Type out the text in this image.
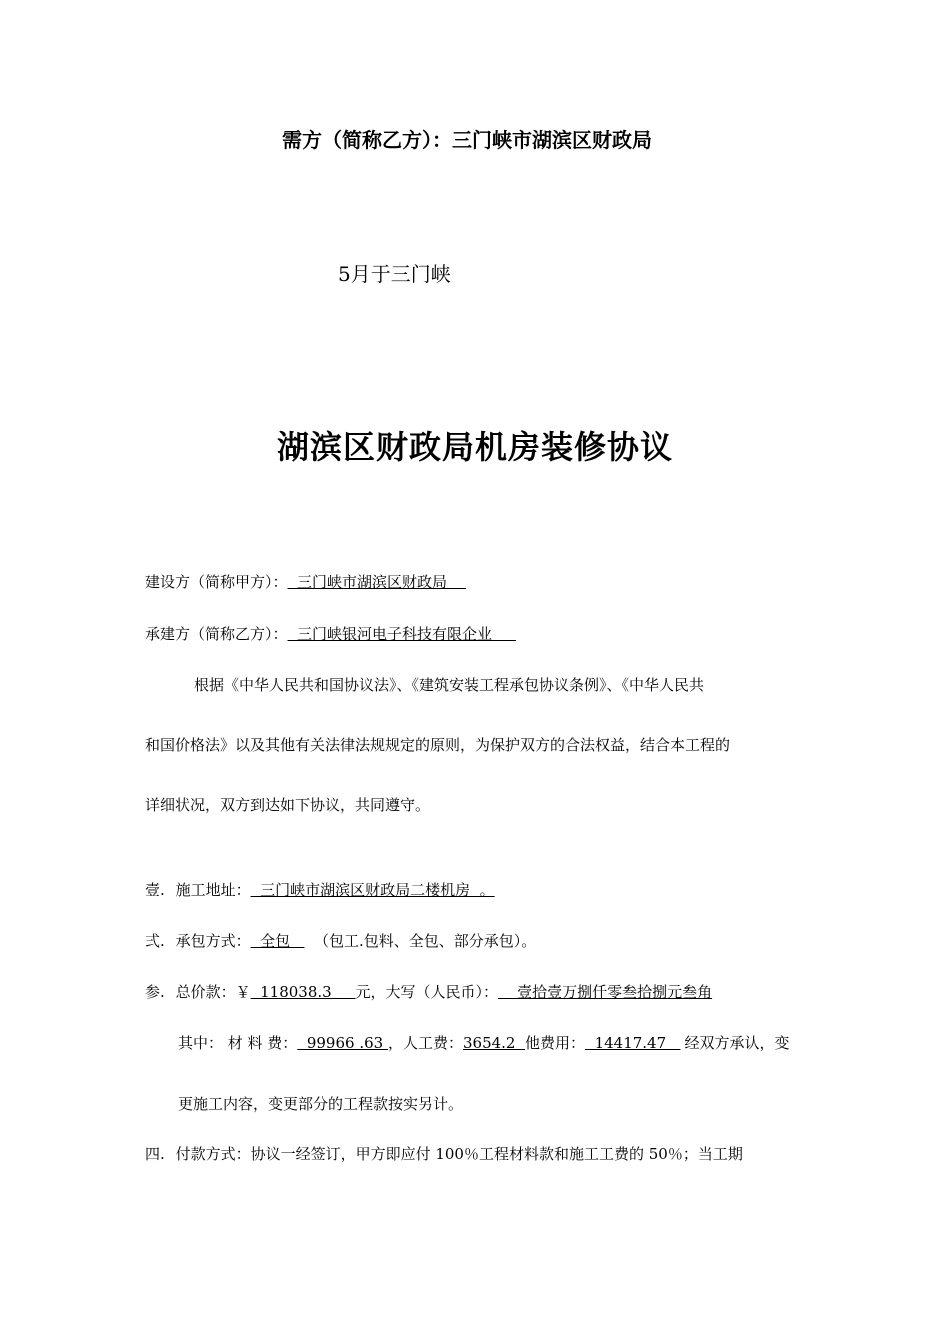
需方（简称乙方）：三门峡市湖滨区财政局
5月于三门峡
湖滨区财政局机房装修协议
建设方（简称甲方）：  三门峡市湖滨区财政局
承建方（简称乙方）：  三门峡银河电子科技有限企业
根据《中华人民共和国协议法》、《建筑安装工程承包协议条例》、《中华人民共
和国价格法》以及其他有关法律法规规定的原则，为保护双方的合法权益，结合本工程的
详细状况，双方到达如下协议，共同遵守。
壹. 施工地址：  三门峡市湖滨区财政局二楼机房  。
弍. 承包方式：  全包     （包工.包料、全包、部分承包）。
参. 总价款：￥  118038.3     元，大写（人民币）：    壹拾壹万捌仟零叁拾捌元叁角
其中： 材 料 费：  99966 .63 ，人工费：3654.2  他费用：  14417.47   经双方承认，变
更施工内容，变更部分的工程款按实另计。
四. 付款方式：协议一经签订，甲方即应付 100％工程材料款和施工工费的 50％；当工期
